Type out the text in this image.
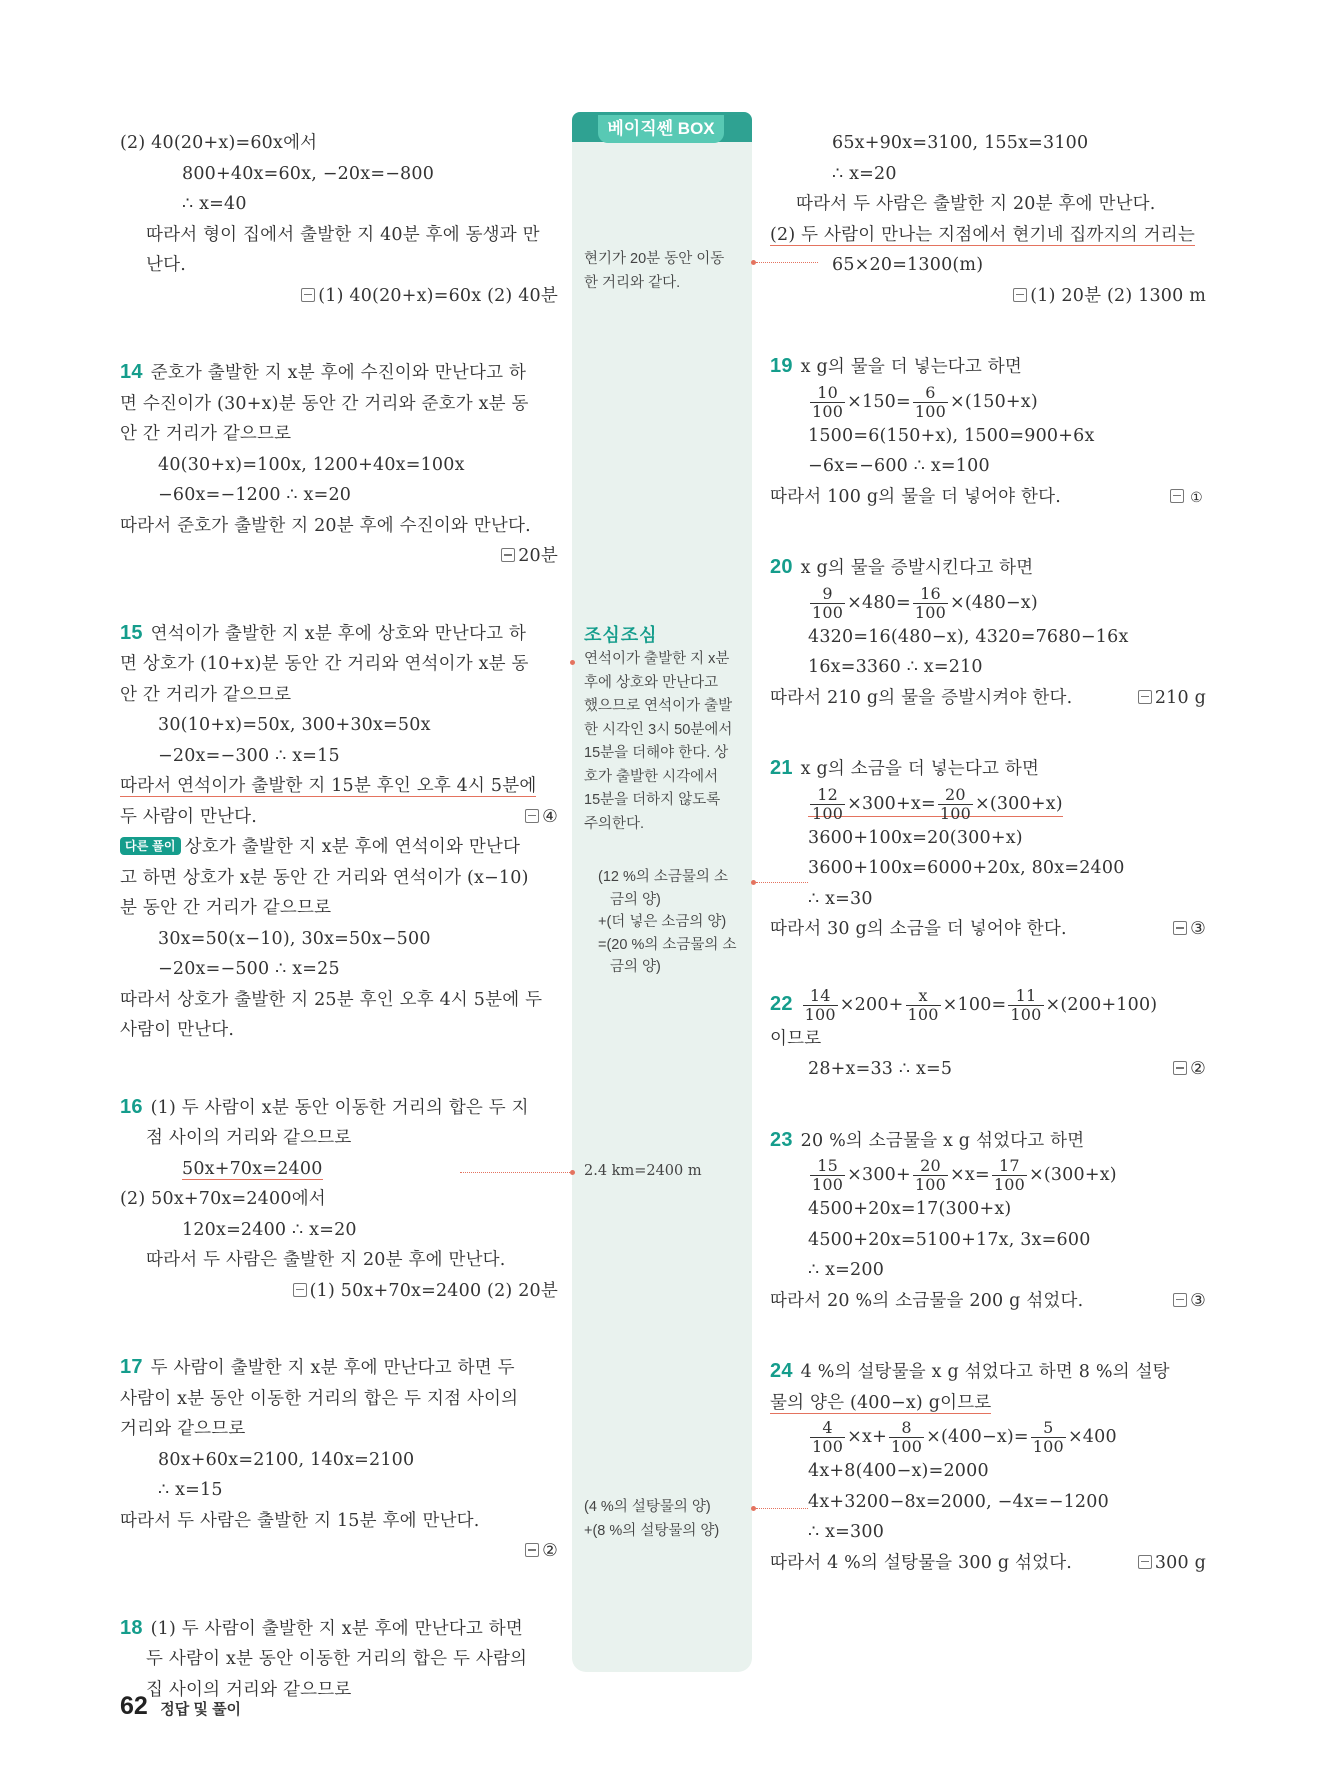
베이직쎈 BOX
현기가 20분 동안 이동
한 거리와 같다.
조심조심
연석이가 출발한 지 x분
후에 상호와 만난다고
했으므로 연석이가 출발
한 시각인 3시 50분에서
15분을 더해야 한다. 상
호가 출발한 시각에서
15분을 더하지 않도록
주의한다.
(12 %의 소금물의 소
금의 양)
+(더 넣은 소금의 양)
=(20 %의 소금물의 소
금의 양)
2.4 km=2400 m
(4 %의 설탕물의 양)
+(8 %의 설탕물의 양)
(2) 40(20+x)=60x에서
800+40x=60x, −20x=−800
∴ x=40
따라서 형이 집에서 출발한 지 40분 후에 동생과 만
난다.
(1) 40(20+x)=60x (2) 40분
14 준호가 출발한 지 x분 후에 수진이와 만난다고 하
면 수진이가 (30+x)분 동안 간 거리와 준호가 x분 동
안 간 거리가 같으므로
40(30+x)=100x, 1200+40x=100x
−60x=−1200 ∴ x=20
따라서 준호가 출발한 지 20분 후에 수진이와 만난다.
20분
15 연석이가 출발한 지 x분 후에 상호와 만난다고 하
면 상호가 (10+x)분 동안 간 거리와 연석이가 x분 동
안 간 거리가 같으므로
30(10+x)=50x, 300+30x=50x
−20x=−300 ∴ x=15
따라서 연석이가 출발한 지 15분 후인 오후 4시 5분에
두 사람이 만난다.	④
다른 풀이 상호가 출발한 지 x분 후에 연석이와 만난다
고 하면 상호가 x분 동안 간 거리와 연석이가 (x−10)
분 동안 간 거리가 같으므로
30x=50(x−10), 30x=50x−500
−20x=−500 ∴ x=25
따라서 상호가 출발한 지 25분 후인 오후 4시 5분에 두
사람이 만난다.
16 (1) 두 사람이 x분 동안 이동한 거리의 합은 두 지
점 사이의 거리와 같으므로
50x+70x=2400
(2) 50x+70x=2400에서
120x=2400 ∴ x=20
따라서 두 사람은 출발한 지 20분 후에 만난다.
(1) 50x+70x=2400 (2) 20분
17 두 사람이 출발한 지 x분 후에 만난다고 하면 두
사람이 x분 동안 이동한 거리의 합은 두 지점 사이의
거리와 같으므로
80x+60x=2100, 140x=2100
∴ x=15
따라서 두 사람은 출발한 지 15분 후에 만난다.
②
18 (1) 두 사람이 출발한 지 x분 후에 만난다고 하면
두 사람이 x분 동안 이동한 거리의 합은 두 사람의
집 사이의 거리와 같으므로
65x+90x=3100, 155x=3100
∴ x=20
따라서 두 사람은 출발한 지 20분 후에 만난다.
(2) 두 사람이 만나는 지점에서 현기네 집까지의 거리는
65×20=1300(m)
(1) 20분 (2) 1300 m
19 x g의 물을 더 넣는다고 하면
$\frac{10}{100} \times 150= \frac{6}{100} \times(150+x)$
1500=6(150+x), 1500=900+6x
−6x=−600 ∴ x=100
따라서 100 g의 물을 더 넣어야 한다.	①
20 x g의 물을 증발시킨다고 하면
$\frac{9}{100} \times 480= \frac{16}{100} \times(480-x)$
4320=16(480−x), 4320=7680−16x
16x=3360 ∴ x=210
따라서 210 g의 물을 증발시켜야 한다.	210 g
21 x g의 소금을 더 넣는다고 하면
$\frac{12}{100} \times 300+x= \frac{20}{100} \times(300+x)$
3600+100x=20(300+x)
3600+100x=6000+20x, 80x=2400
∴ x=30
따라서 30 g의 소금을 더 넣어야 한다.	③
$22 \frac{14}{100} \times 200+ \frac{x}{100} \times 100= \frac{11}{100} \times(200+100)$
이므로
28+x=33 ∴ x=5	②
23 20 %의 소금물을 x g 섞었다고 하면
$\frac{15}{100} \times 300+ \frac{20}{100} \times x= \frac{17}{100} \times(300+x)$
4500+20x=17(300+x)
4500+20x=5100+17x, 3x=600
∴ x=200
따라서 20 %의 소금물을 200 g 섞었다.	③
24 4 %의 설탕물을 x g 섞었다고 하면 8 %의 설탕
물의 양은 (400−x) g이므로
$\frac{4}{100} \times x+ \frac{8}{100} \times(400-x)= \frac{5}{100} \times 400$
4x+8(400−x)=2000
4x+3200−8x=2000, −4x=−1200
∴ x=300
따라서 4 %의 설탕물을 300 g 섞었다.	300 g
62 정답 및 풀이
